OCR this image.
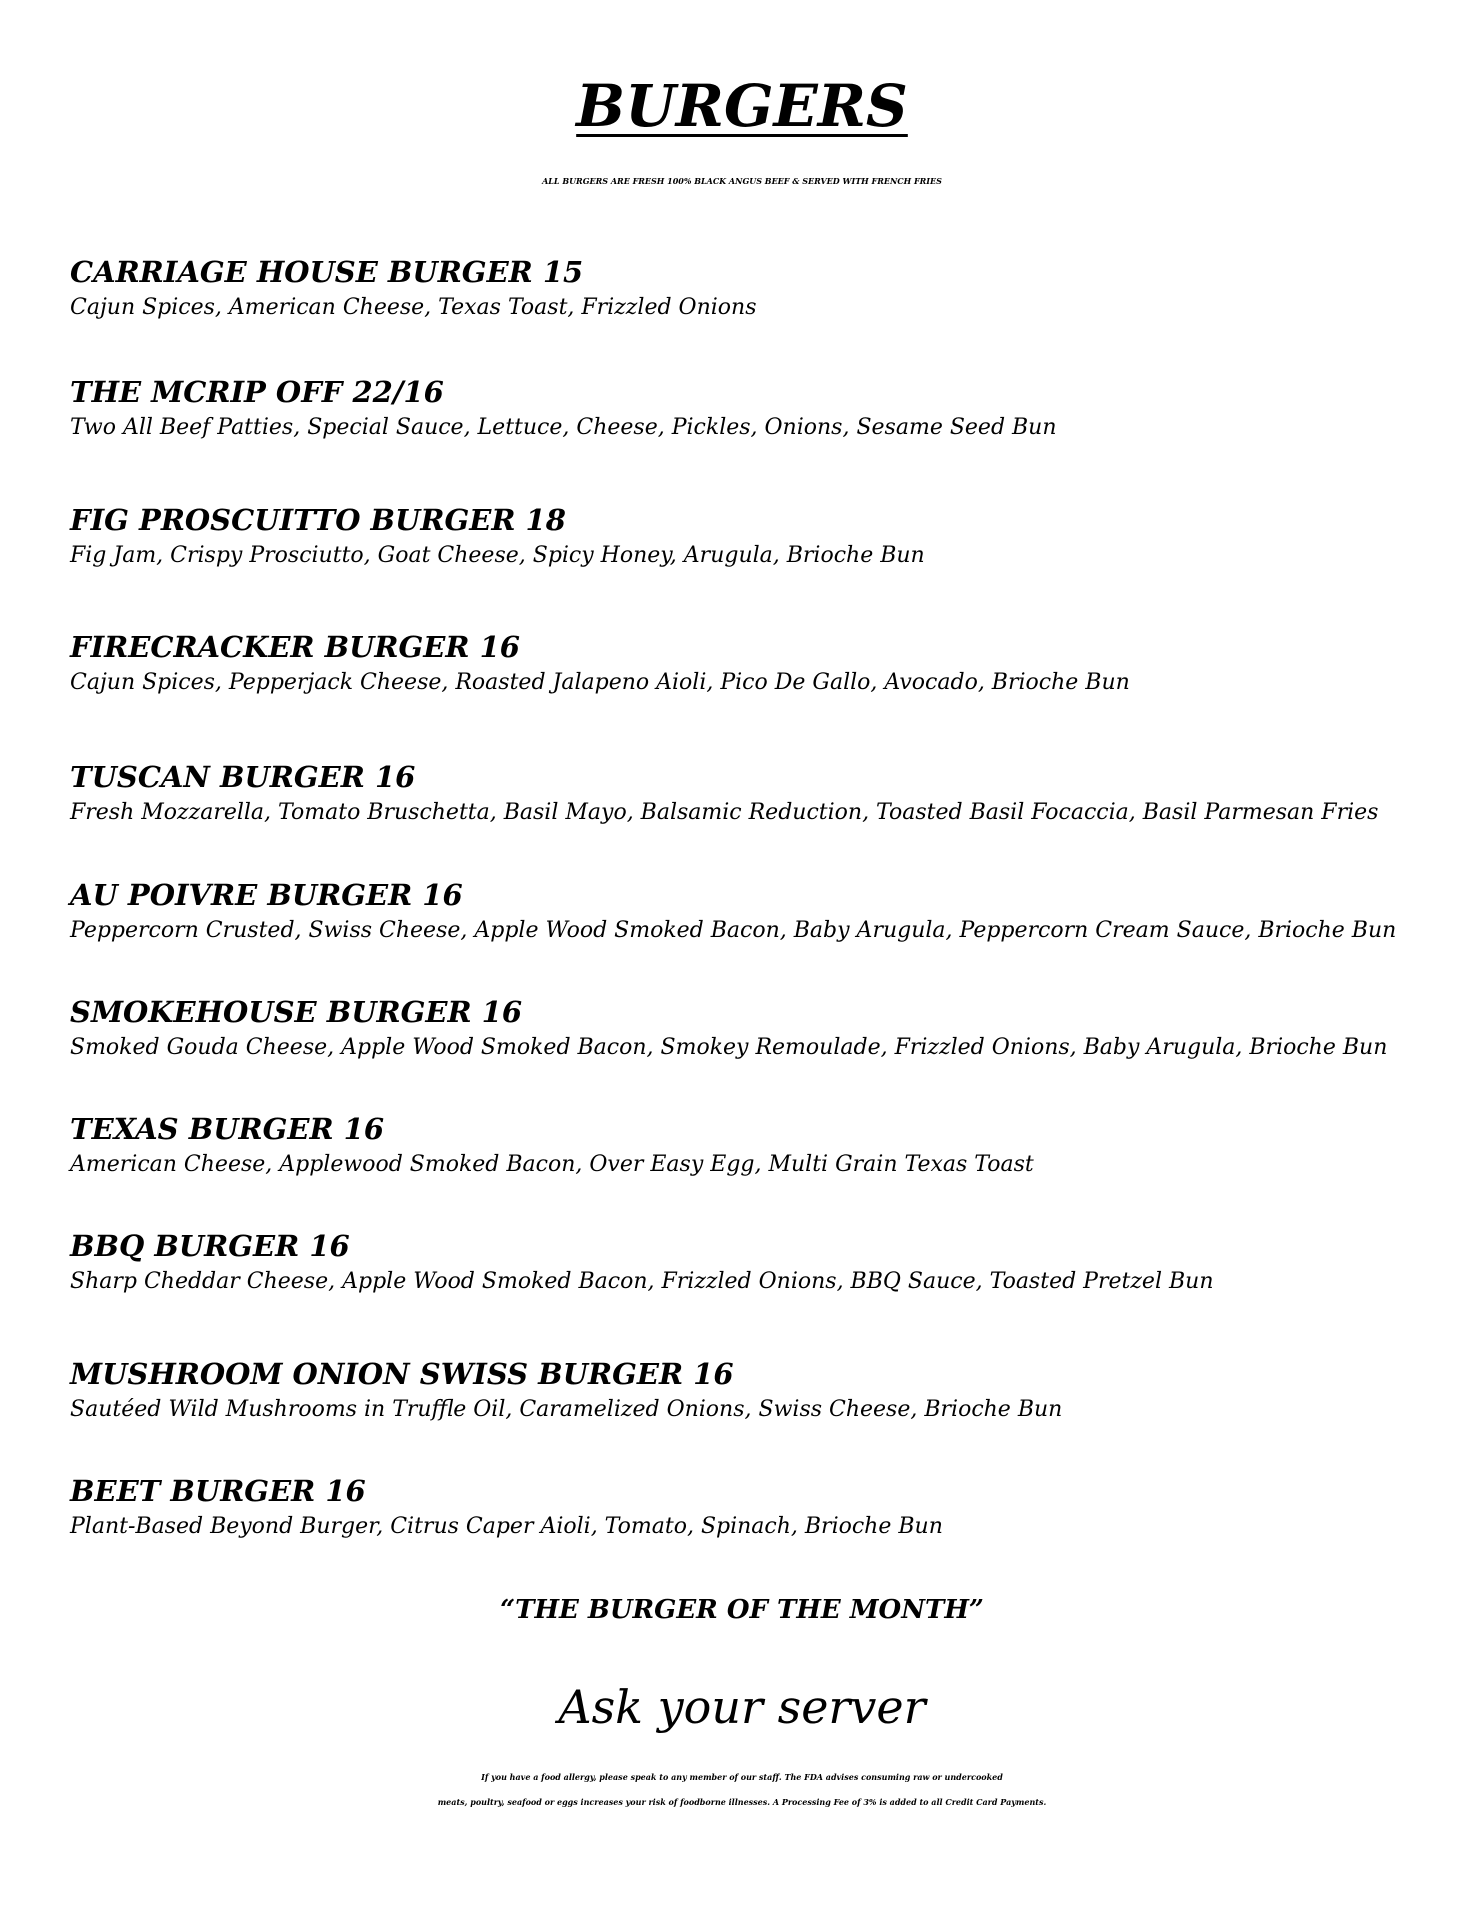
BURGERS
ALL BURGERS ARE FRESH 100% BLACK ANGUS BEEF & SERVED WITH FRENCH FRIES
CARRIAGE HOUSE BURGER 15
Cajun Spices, American Cheese, Texas Toast, Frizzled Onions
THE MCRIP OFF 22/16
Two All Beef Patties, Special Sauce, Lettuce, Cheese, Pickles, Onions, Sesame Seed Bun
FIG PROSCUITTO BURGER 18
Fig Jam, Crispy Prosciutto, Goat Cheese, Spicy Honey, Arugula, Brioche Bun
FIRECRACKER BURGER 16
Cajun Spices, Pepperjack Cheese, Roasted Jalapeno Aioli, Pico De Gallo, Avocado, Brioche Bun
TUSCAN BURGER 16
Fresh Mozzarella, Tomato Bruschetta, Basil Mayo, Balsamic Reduction, Toasted Basil Focaccia, Basil Parmesan Fries
AU POIVRE BURGER 16
Peppercorn Crusted, Swiss Cheese, Apple Wood Smoked Bacon, Baby Arugula, Peppercorn Cream Sauce, Brioche Bun
SMOKEHOUSE BURGER 16
Smoked Gouda Cheese, Apple Wood Smoked Bacon, Smokey Remoulade, Frizzled Onions, Baby Arugula, Brioche Bun
TEXAS BURGER 16
American Cheese, Applewood Smoked Bacon, Over Easy Egg, Multi Grain Texas Toast
BBQ BURGER 16
Sharp Cheddar Cheese, Apple Wood Smoked Bacon, Frizzled Onions, BBQ Sauce, Toasted Pretzel Bun
MUSHROOM ONION SWISS BURGER 16
Sautéed Wild Mushrooms in Truffle Oil, Caramelized Onions, Swiss Cheese, Brioche Bun
BEET BURGER 16
Plant-Based Beyond Burger, Citrus Caper Aioli, Tomato, Spinach, Brioche Bun
“THE BURGER OF THE MONTH”
Ask your server
If you have a food allergy, please speak to any member of our staff. The FDA advises consuming raw or undercooked
meats, poultry, seafood or eggs increases your risk of foodborne illnesses. A Processing Fee of 3% is added to all Credit Card Payments.
